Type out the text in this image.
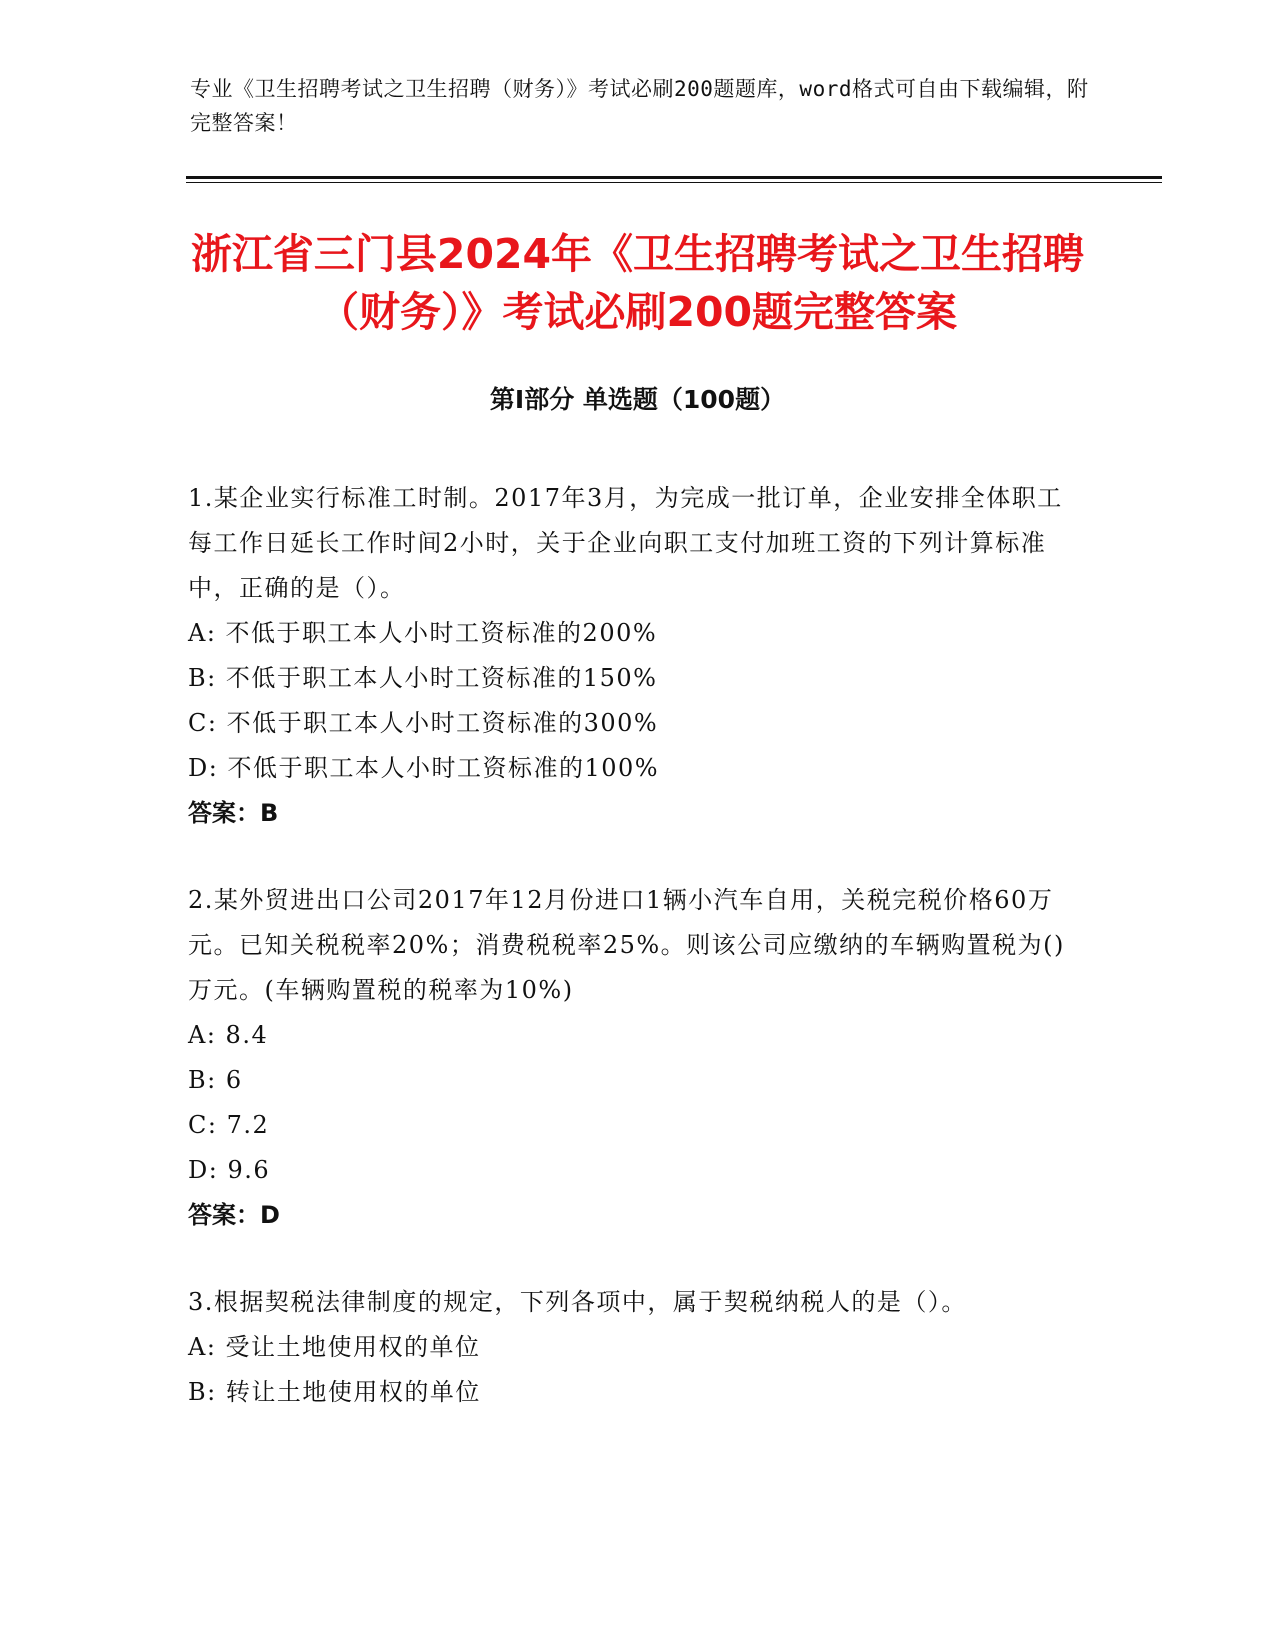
专业《卫生招聘考试之卫生招聘（财务）》考试必刷200题题库，word格式可自由下载编辑，附完整答案！
浙江省三门县2024年《卫生招聘考试之卫生招聘（财务）》考试必刷200题完整答案
第I部分 单选题（100题）
1.某企业实行标准工时制。2017年3月，为完成一批订单，企业安排全体职工每工作日延长工作时间2小时，关于企业向职工支付加班工资的下列计算标准中，正确的是（）。
A: 不低于职工本人小时工资标准的200%
B: 不低于职工本人小时工资标准的150%
C: 不低于职工本人小时工资标准的300%
D: 不低于职工本人小时工资标准的100%
答案：B
2.某外贸进出口公司2017年12月份进口1辆小汽车自用，关税完税价格60万元。已知关税税率20%；消费税税率25%。则该公司应缴纳的车辆购置税为()万元。(车辆购置税的税率为10%)
A: 8.4
B: 6
C: 7.2
D: 9.6
答案：D
3.根据契税法律制度的规定，下列各项中，属于契税纳税人的是（）。
A: 受让土地使用权的单位
B: 转让土地使用权的单位
